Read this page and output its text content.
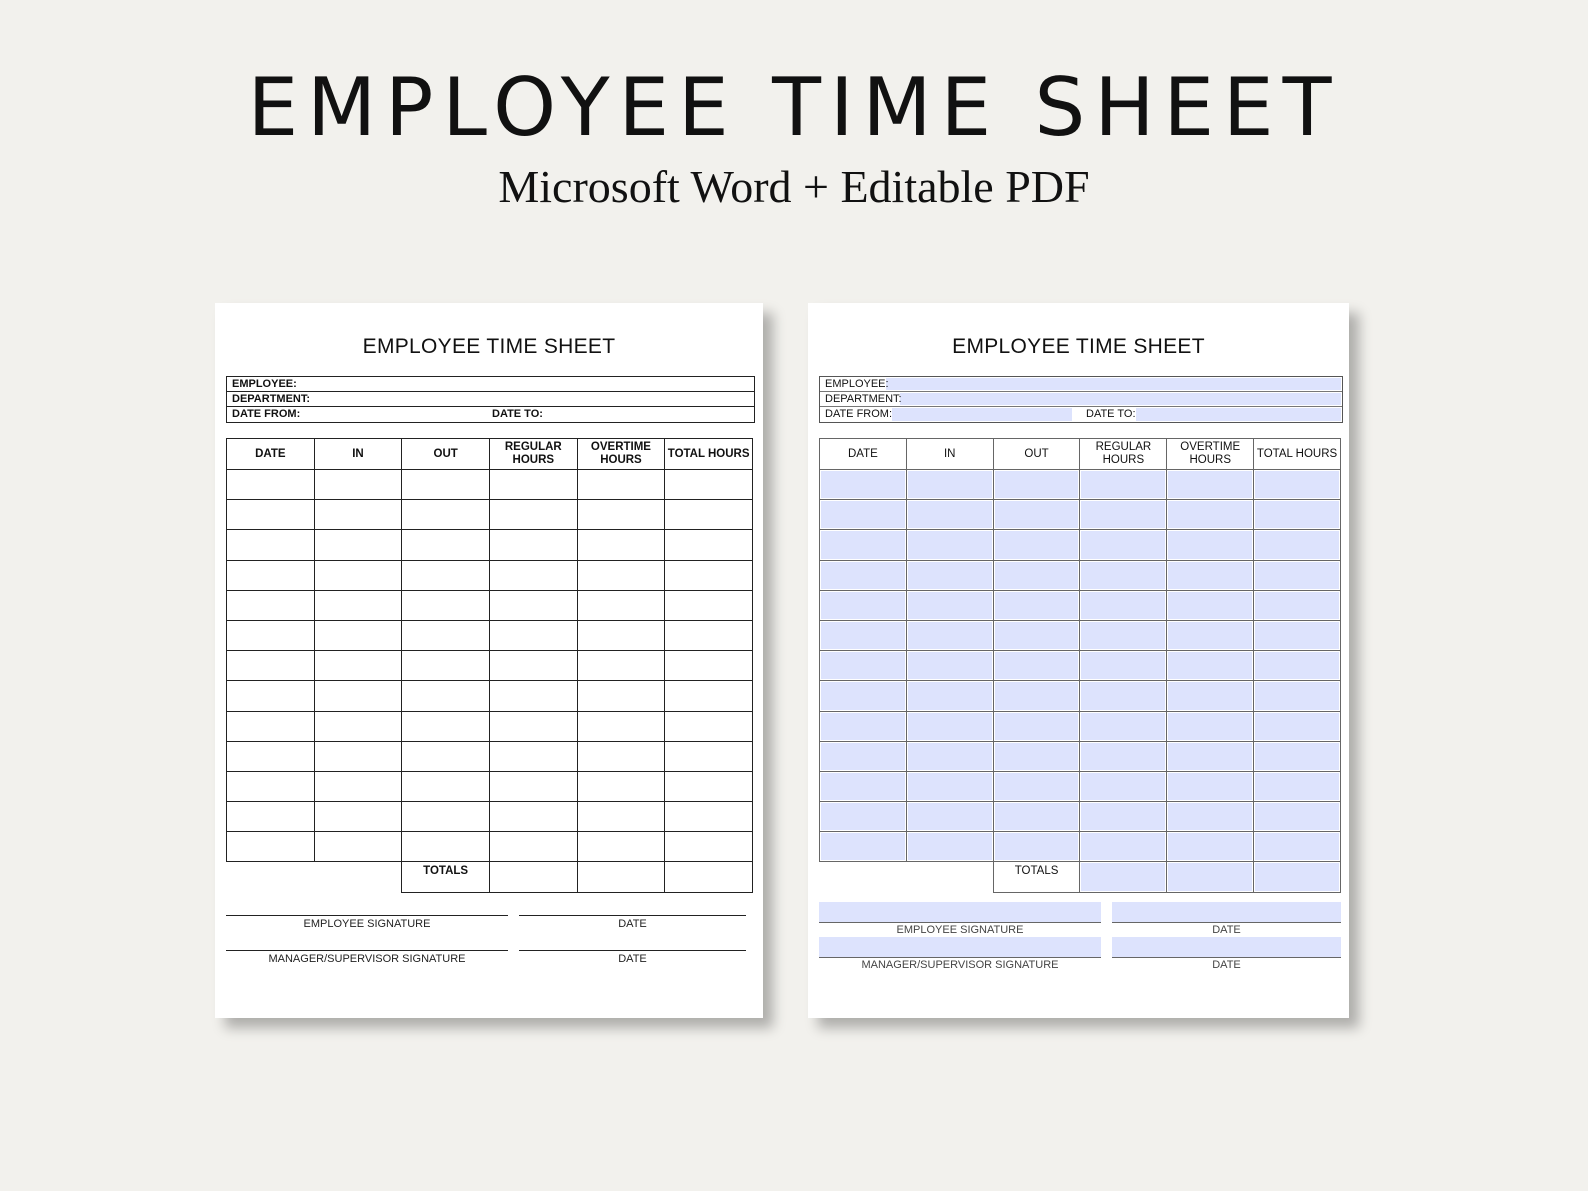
EMPLOYEE TIME SHEET
Microsoft Word + Editable PDF
EMPLOYEE TIME SHEET
EMPLOYEE:
DEPARTMENT:
DATE FROM:	DATE TO:
DATE	IN	OUT	REGULAR HOURS	OVERTIME HOURS	TOTAL HOURS

		TOTALS			
EMPLOYEE SIGNATURE	DATE
MANAGER/SUPERVISOR SIGNATURE	DATE
EMPLOYEE TIME SHEET
EMPLOYEE:
DEPARTMENT:
DATE FROM:	DATE TO:
DATE	IN	OUT	REGULAR HOURS	OVERTIME HOURS	TOTAL HOURS

		TOTALS			
EMPLOYEE SIGNATURE	DATE
MANAGER/SUPERVISOR SIGNATURE	DATE
